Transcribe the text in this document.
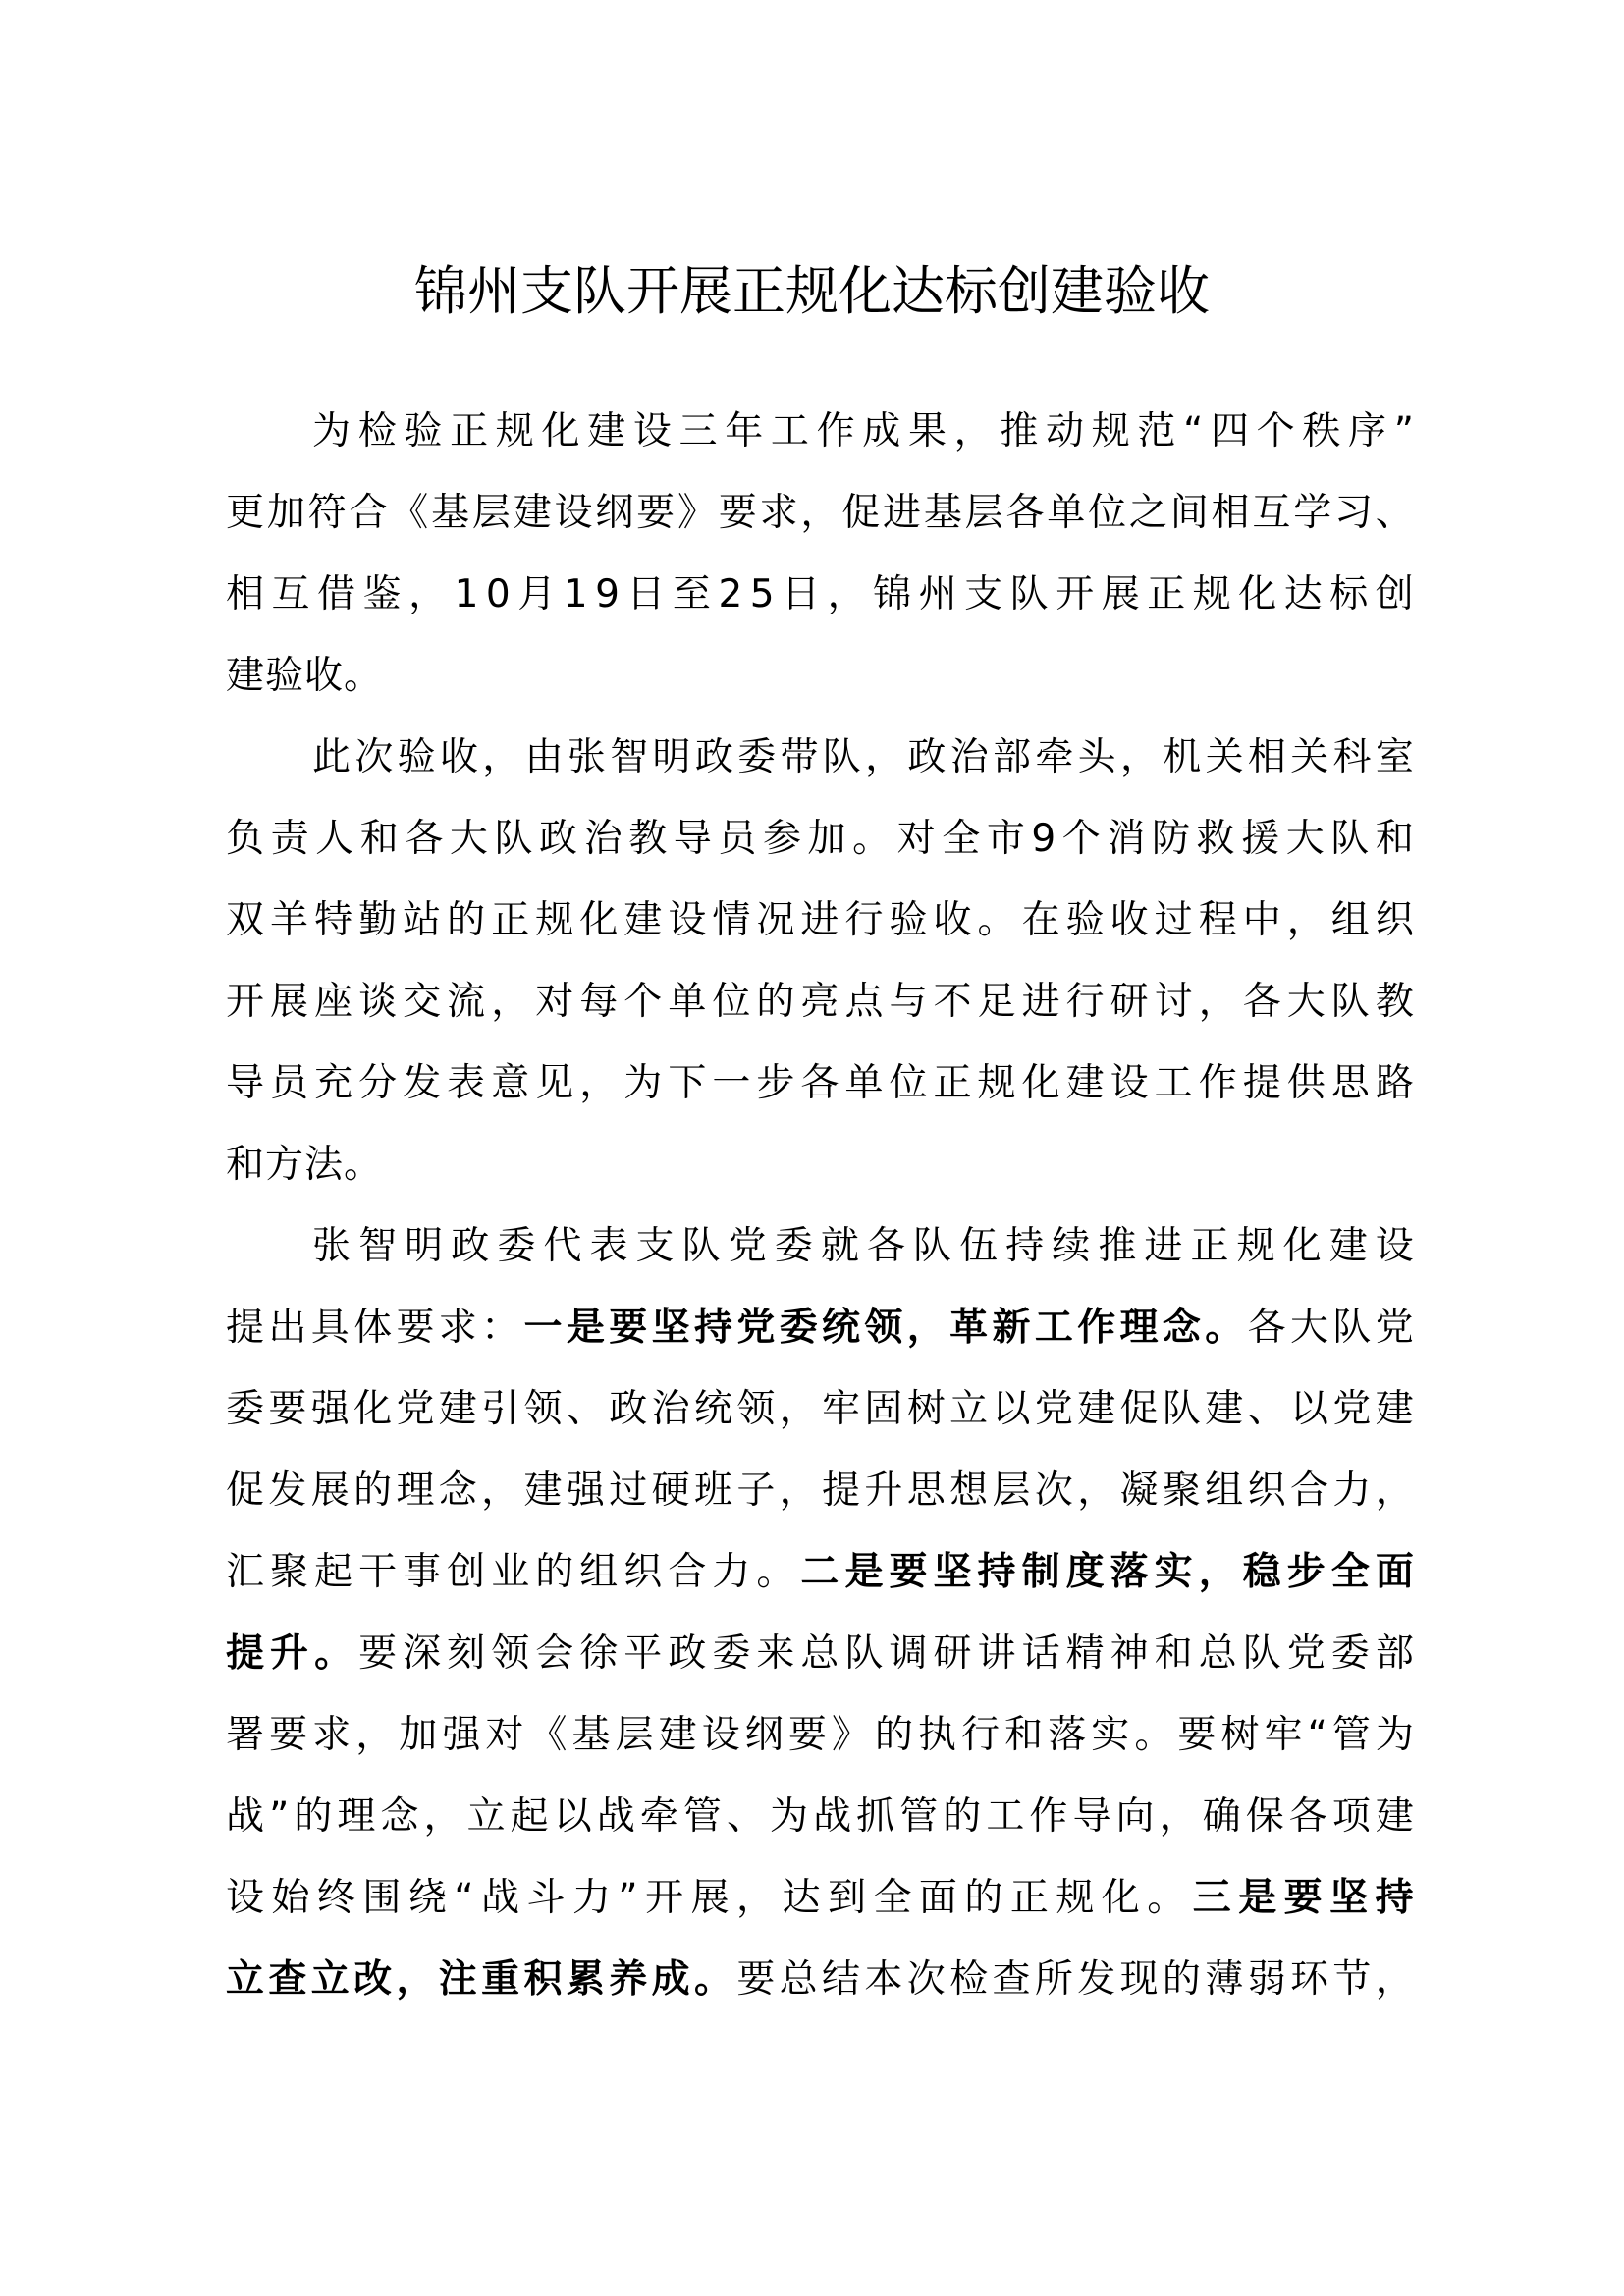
锦州支队开展正规化达标创建验收
为 检 验 正 规 化 建 设 三 年 工 作 成 果 ， 推 动 规 范 “ 四 个 秩 序 ”
更 加 符 合 《 基 层 建 设 纲 要 》 要 求 ， 促 进 基 层 各 单 位 之 间 相 互 学 习 、
相 互 借 鉴 ， 1 0 月 1 9 日 至 2 5 日 ， 锦 州 支 队 开 展 正 规 化 达 标 创
建 验 收 。
此 次 验 收 ， 由 张 智 明 政 委 带 队 ， 政 治 部 牵 头 ， 机 关 相 关 科 室
负 责 人 和 各 大 队 政 治 教 导 员 参 加 。 对 全 市 9 个 消 防 救 援 大 队 和
双 羊 特 勤 站 的 正 规 化 建 设 情 况 进 行 验 收 。 在 验 收 过 程 中 ， 组 织
开 展 座 谈 交 流 ， 对 每 个 单 位 的 亮 点 与 不 足 进 行 研 讨 ， 各 大 队 教
导 员 充 分 发 表 意 见 ， 为 下 一 步 各 单 位 正 规 化 建 设 工 作 提 供 思 路
和 方 法 。
张 智 明 政 委 代 表 支 队 党 委 就 各 队 伍 持 续 推 进 正 规 化 建 设
提 出 具 体 要 求 ： 一 是 要 坚 持 党 委 统 领 ， 革 新 工 作 理 念 。 各 大 队 党
委 要 强 化 党 建 引 领 、 政 治 统 领 ， 牢 固 树 立 以 党 建 促 队 建 、 以 党 建
促 发 展 的 理 念 ， 建 强 过 硬 班 子 ， 提 升 思 想 层 次 ， 凝 聚 组 织 合 力 ，
汇 聚 起 干 事 创 业 的 组 织 合 力 。 二 是 要 坚 持 制 度 落 实 ， 稳 步 全 面
提 升 。 要 深 刻 领 会 徐 平 政 委 来 总 队 调 研 讲 话 精 神 和 总 队 党 委 部
署 要 求 ， 加 强 对 《 基 层 建 设 纲 要 》 的 执 行 和 落 实 。 要 树 牢 “ 管 为
战 ” 的 理 念 ， 立 起 以 战 牵 管 、 为 战 抓 管 的 工 作 导 向 ， 确 保 各 项 建
设 始 终 围 绕 “ 战 斗 力 ” 开 展 ， 达 到 全 面 的 正 规 化 。 三 是 要 坚 持
立 查 立 改 ， 注 重 积 累 养 成 。 要 总 结 本 次 检 查 所 发 现 的 薄 弱 环 节 ，
